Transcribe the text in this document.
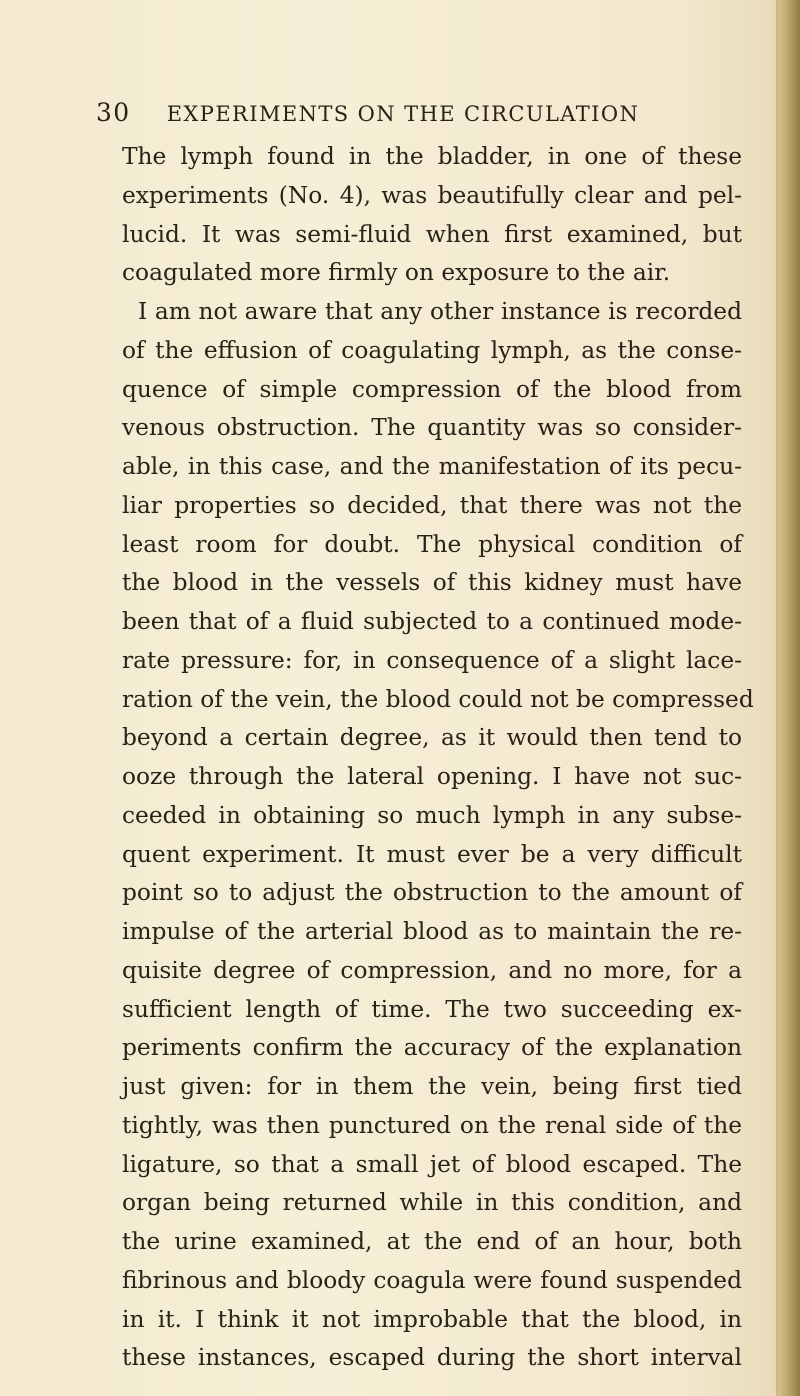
30 EXPERIMENTS ON THE CIRCULATION
The lymph found in the bladder, in one of these
experiments (No. 4), was beautifully clear and pel-
lucid. It was semi-fluid when first examined, but
coagulated more firmly on exposure to the air.
I am not aware that any other instance is recorded
of the effusion of coagulating lymph, as the conse-
quence of simple compression of the blood from
venous obstruction. The quantity was so consider-
able, in this case, and the manifestation of its pecu-
liar properties so decided, that there was not the
least room for doubt. The physical condition of
the blood in the vessels of this kidney must have
been that of a fluid subjected to a continued mode-
rate pressure: for, in consequence of a slight lace-
ration of the vein, the blood could not be compressed
beyond a certain degree, as it would then tend to
ooze through the lateral opening. I have not suc-
ceeded in obtaining so much lymph in any subse-
quent experiment. It must ever be a very difficult
point so to adjust the obstruction to the amount of
impulse of the arterial blood as to maintain the re-
quisite degree of compression, and no more, for a
sufficient length of time. The two succeeding ex-
periments confirm the accuracy of the explanation
just given: for in them the vein, being first tied
tightly, was then punctured on the renal side of the
ligature, so that a small jet of blood escaped. The
organ being returned while in this condition, and
the urine examined, at the end of an hour, both
fibrinous and bloody coagula were found suspended
in it. I think it not improbable that the blood, in
these instances, escaped during the short interval
